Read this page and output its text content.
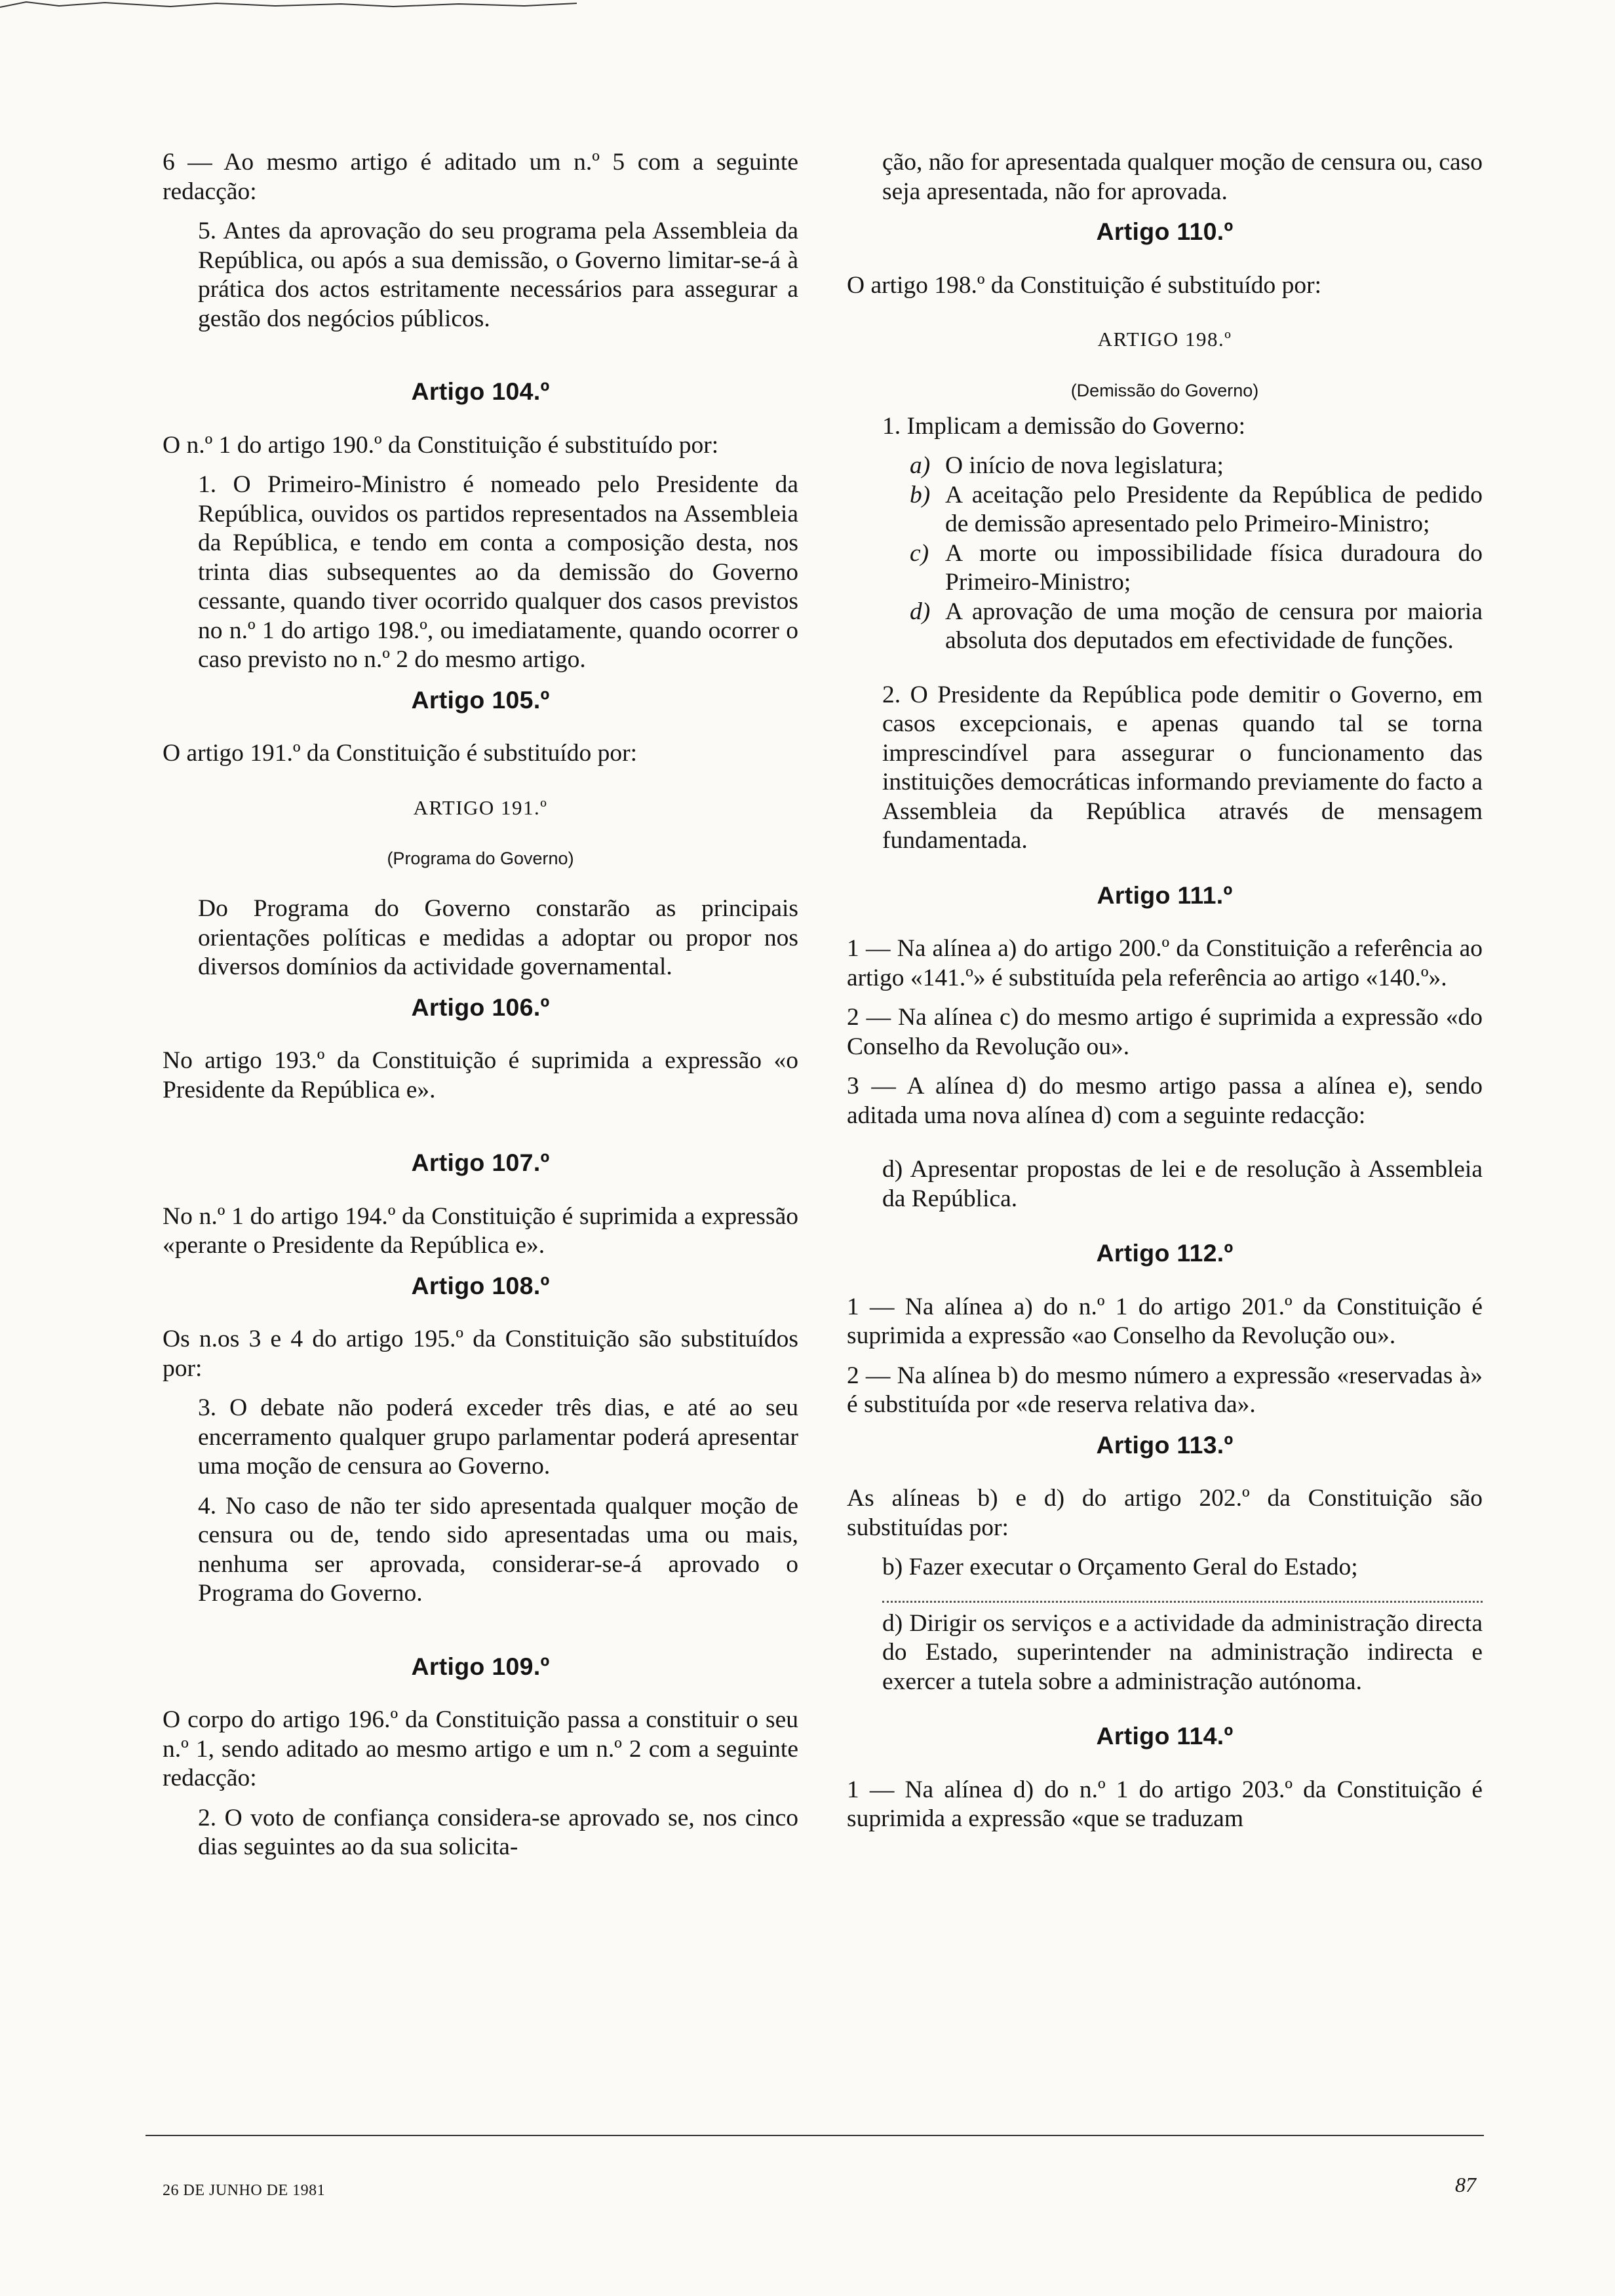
6 — Ao mesmo artigo é aditado um n.º 5 com a seguinte redacção:

5. Antes da aprovação do seu programa pela Assembleia da República, ou após a sua demissão, o Governo limitar-se-á à prática dos actos estritamente necessários para assegurar a gestão dos negócios públicos.

Artigo 104.º

O n.º 1 do artigo 190.º da Constituição é substituído por:

1. O Primeiro-Ministro é nomeado pelo Presidente da República, ouvidos os partidos representados na Assembleia da República, e tendo em conta a composição desta, nos trinta dias subsequentes ao da demissão do Governo cessante, quando tiver ocorrido qualquer dos casos previstos no n.º 1 do artigo 198.º, ou imediatamente, quando ocorrer o caso previsto no n.º 2 do mesmo artigo.

Artigo 105.º

O artigo 191.º da Constituição é substituído por:

ARTIGO 191.º

(Programa do Governo)

Do Programa do Governo constarão as principais orientações políticas e medidas a adoptar ou propor nos diversos domínios da actividade governamental.

Artigo 106.º

No artigo 193.º da Constituição é suprimida a expressão «o Presidente da República e».

Artigo 107.º

No n.º 1 do artigo 194.º da Constituição é suprimida a expressão «perante o Presidente da República e».

Artigo 108.º

Os n.os 3 e 4 do artigo 195.º da Constituição são substituídos por:

3. O debate não poderá exceder três dias, e até ao seu encerramento qualquer grupo parlamentar poderá apresentar uma moção de censura ao Governo.

4. No caso de não ter sido apresentada qualquer moção de censura ou de, tendo sido apresentadas uma ou mais, nenhuma ser aprovada, considerar-se-á aprovado o Programa do Governo.

Artigo 109.º

O corpo do artigo 196.º da Constituição passa a constituir o seu n.º 1, sendo aditado ao mesmo artigo e um n.º 2 com a seguinte redacção:

2. O voto de confiança considera-se aprovado se, nos cinco dias seguintes ao da sua solicita-

ção, não for apresentada qualquer moção de censura ou, caso seja apresentada, não for aprovada.

Artigo 110.º

O artigo 198.º da Constituição é substituído por:

ARTIGO 198.º

(Demissão do Governo)

1. Implicam a demissão do Governo:

a) O início de nova legislatura;

b) A aceitação pelo Presidente da República de pedido de demissão apresentado pelo Primeiro-Ministro;

c) A morte ou impossibilidade física duradoura do Primeiro-Ministro;

d) A aprovação de uma moção de censura por maioria absoluta dos deputados em efectividade de funções.

2. O Presidente da República pode demitir o Governo, em casos excepcionais, e apenas quando tal se torna imprescindível para assegurar o funcionamento das instituições democráticas informando previamente do facto a Assembleia da República através de mensagem fundamentada.

Artigo 111.º

1 — Na alínea a) do artigo 200.º da Constituição a referência ao artigo «141.º» é substituída pela referência ao artigo «140.º».

2 — Na alínea c) do mesmo artigo é suprimida a expressão «do Conselho da Revolução ou».

3 — A alínea d) do mesmo artigo passa a alínea e), sendo aditada uma nova alínea d) com a seguinte redacção:

d) Apresentar propostas de lei e de resolução à Assembleia da República.

Artigo 112.º

1 — Na alínea a) do n.º 1 do artigo 201.º da Constituição é suprimida a expressão «ao Conselho da Revolução ou».

2 — Na alínea b) do mesmo número a expressão «reservadas à» é substituída por «de reserva relativa da».

Artigo 113.º

As alíneas b) e d) do artigo 202.º da Constituição são substituídas por:

b) Fazer executar o Orçamento Geral do Estado;

d) Dirigir os serviços e a actividade da administração directa do Estado, superintender na administração indirecta e exercer a tutela sobre a administração autónoma.

Artigo 114.º

1 — Na alínea d) do n.º 1 do artigo 203.º da Constituição é suprimida a expressão «que se traduzam

26 DE JUNHO DE 1981	87
